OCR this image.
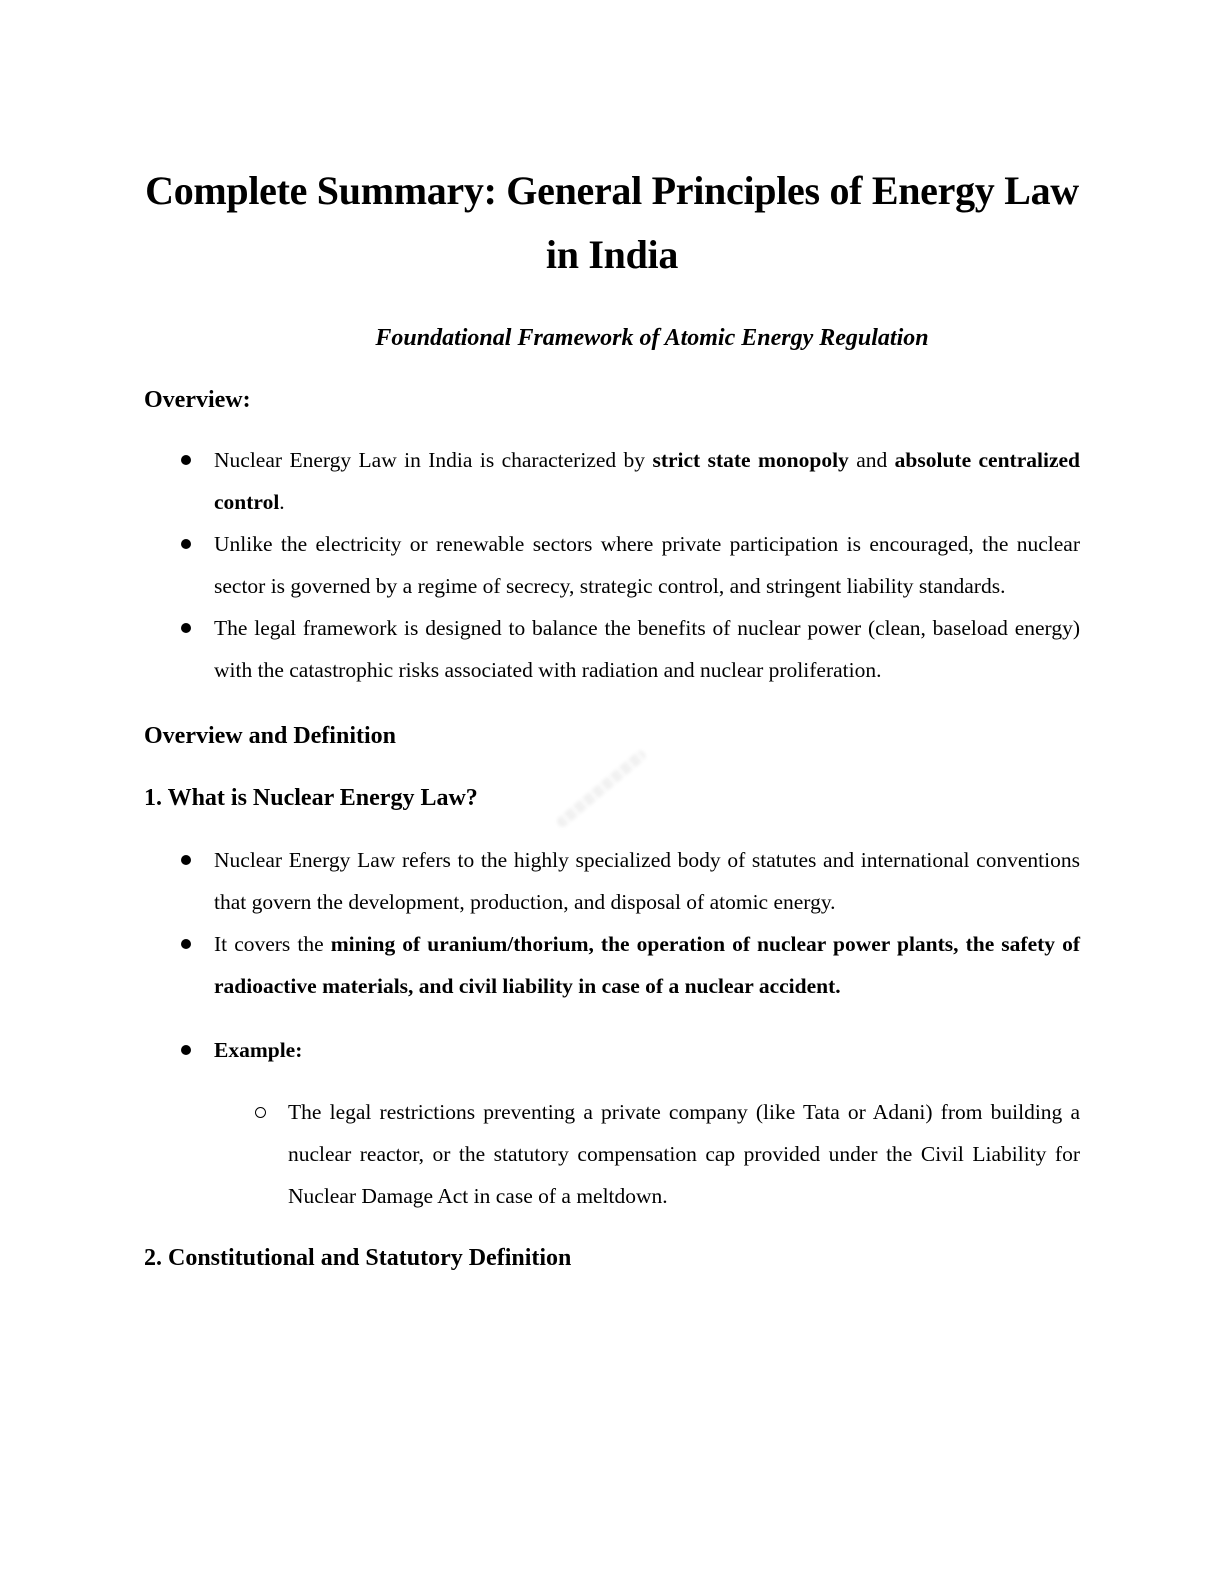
Complete Summary: General Principles of Energy Law in India

Foundational Framework of Atomic Energy Regulation

Overview:
Nuclear Energy Law in India is characterized by strict state monopoly and absolute centralized control.
Unlike the electricity or renewable sectors where private participation is encouraged, the nuclear sector is governed by a regime of secrecy, strategic control, and stringent liability standards.
The legal framework is designed to balance the benefits of nuclear power (clean, baseload energy) with the catastrophic risks associated with radiation and nuclear proliferation.
Overview and Definition
1. What is Nuclear Energy Law?
Nuclear Energy Law refers to the highly specialized body of statutes and international conventions that govern the development, production, and disposal of atomic energy.
It covers the mining of uranium/thorium, the operation of nuclear power plants, the safety of radioactive materials, and civil liability in case of a nuclear accident.
Example:
The legal restrictions preventing a private company (like Tata or Adani) from building a nuclear reactor, or the statutory compensation cap provided under the Civil Liability for Nuclear Damage Act in case of a meltdown.
2. Constitutional and Statutory Definition
